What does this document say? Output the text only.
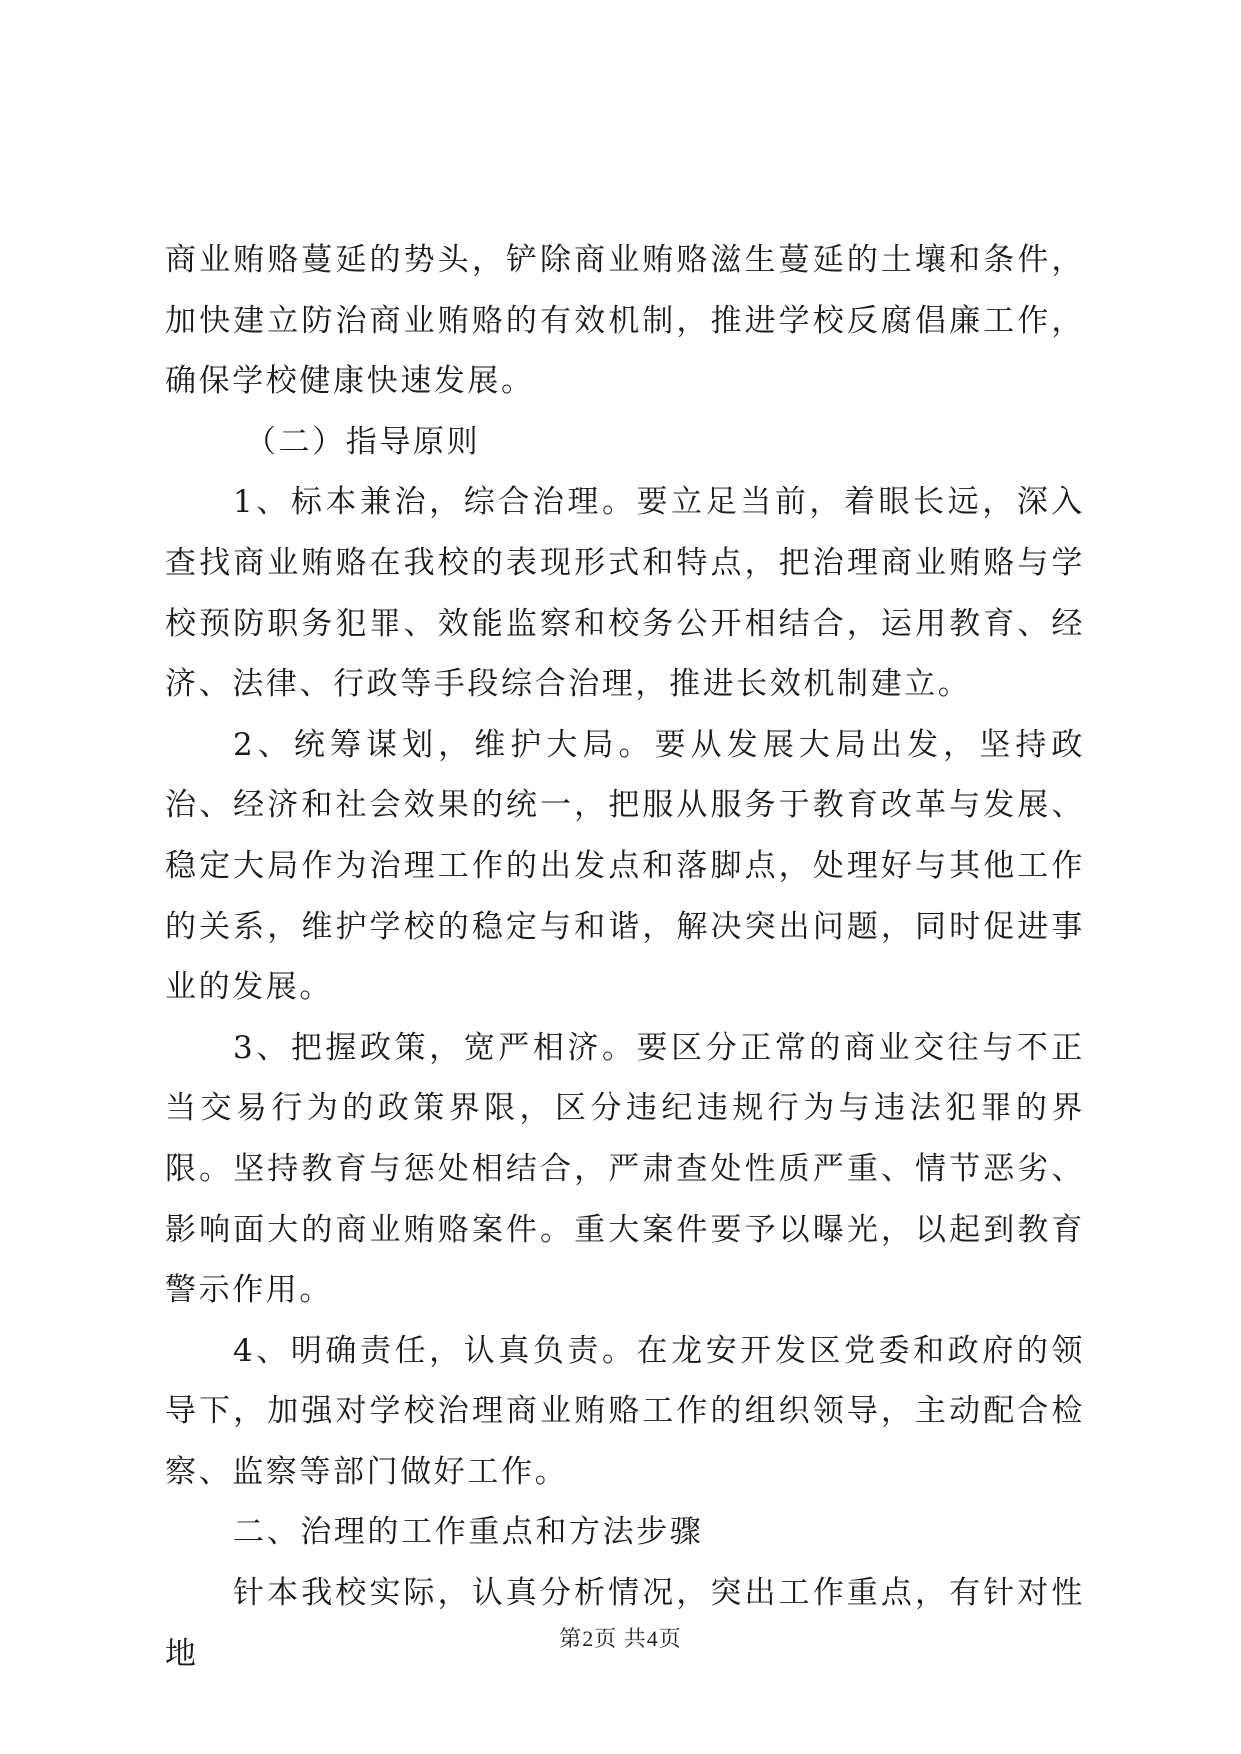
商业贿赂蔓延的势头，铲除商业贿赂滋生蔓延的土壤和条件，加快建立防治商业贿赂的有效机制，推进学校反腐倡廉工作，确保学校健康快速发展。

（二）指导原则

1、标本兼治，综合治理。要立足当前，着眼长远，深入查找商业贿赂在我校的表现形式和特点，把治理商业贿赂与学校预防职务犯罪、效能监察和校务公开相结合，运用教育、经济、法律、行政等手段综合治理，推进长效机制建立。

2、统筹谋划，维护大局。要从发展大局出发，坚持政治、经济和社会效果的统一，把服从服务于教育改革与发展、稳定大局作为治理工作的出发点和落脚点，处理好与其他工作的关系，维护学校的稳定与和谐，解决突出问题，同时促进事业的发展。

3、把握政策，宽严相济。要区分正常的商业交往与不正当交易行为的政策界限，区分违纪违规行为与违法犯罪的界限。坚持教育与惩处相结合，严肃查处性质严重、情节恶劣、影响面大的商业贿赂案件。重大案件要予以曝光，以起到教育警示作用。

4、明确责任，认真负责。在龙安开发区党委和政府的领导下，加强对学校治理商业贿赂工作的组织领导，主动配合检察、监察等部门做好工作。

二、治理的工作重点和方法步骤

针本我校实际，认真分析情况，突出工作重点，有针对性地	第2页 共4页
